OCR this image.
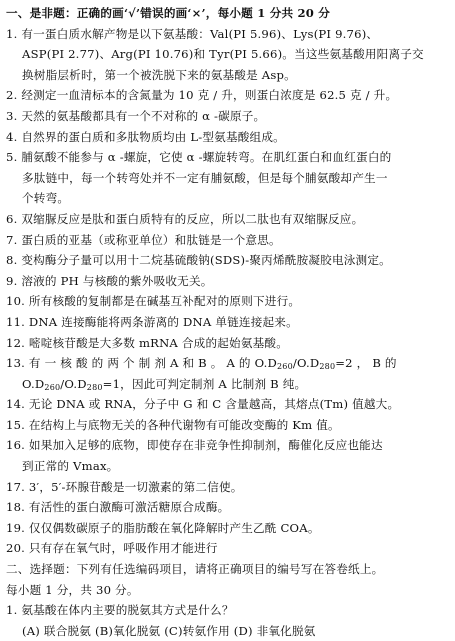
一、是非题：正确的画‘√’错误的画‘×’，每小题 1 分共 20 分
1. 有一蛋白质水解产物是以下氨基酸：Val(PI 5.96)、Lys(PI 9.76)、
ASP(PI 2.77)、Arg(PI 10.76)和 Tyr(PI 5.66)。当这些氨基酸用阳离子交
换树脂层析时，第一个被洗脱下来的氨基酸是 Asp。
2. 经测定一血清标本的含氮量为 10 克 / 升，则蛋白浓度是 62.5 克 / 升。
3. 天然的氨基酸都具有一个不对称的 α -碳原子。
4. 自然界的蛋白质和多肽物质均由 L-型氨基酸组成。
5. 脯氨酸不能参与 α -螺旋，它使 α -螺旋转弯。在肌红蛋白和血红蛋白的
多肽链中，每一个转弯处并不一定有脯氨酸，但是每个脯氨酸却产生一
个转弯。
6. 双缩脲反应是肽和蛋白质特有的反应，所以二肽也有双缩脲反应。
7. 蛋白质的亚基（或称亚单位）和肽链是一个意思。
8. 变构酶分子量可以用十二烷基硫酸钠(SDS)-聚丙烯酰胺凝胶电泳测定。
9. 溶液的 PH 与核酸的紫外吸收无关。
10. 所有核酸的复制都是在碱基互补配对的原则下进行。
11. DNA 连接酶能将两条游离的 DNA 单链连接起来。
12. 嘧啶核苷酸是大多数 mRNA 合成的起始氨基酸。
13. 有 一 核 酸 的 两 个 制 剂 A 和 B 。 A 的 $O.D_{260}/O.D_{280}=2$ ， B 的
$O.D_{260}/O.D_{280}=1$，因此可判定制剂 A 比制剂 B 纯。
14. 无论 DNA 或 RNA，分子中 G 和 C 含量越高，其熔点(Tm) 值越大。
15. 在结构上与底物无关的各种代谢物有可能改变酶的 Km 值。
16. 如果加入足够的底物，即使存在非竞争性抑制剂，酶催化反应也能达
到正常的 Vmax。
17. 3′，5′-环腺苷酸是一切激素的第二信使。
18. 有活性的蛋白激酶可激活糖原合成酶。
19. 仅仅偶数碳原子的脂肪酸在氧化降解时产生乙酰 COA。
20. 只有存在氧气时，呼吸作用才能进行
二、选择题：下列有任选编码项目，请将正确项目的编号写在答卷纸上。
每小题 1 分，共 30 分。
1. 氨基酸在体内主要的脱氨其方式是什么？
(A) 联合脱氨 (B)氧化脱氨 (C)转氨作用 (D) 非氧化脱氨
